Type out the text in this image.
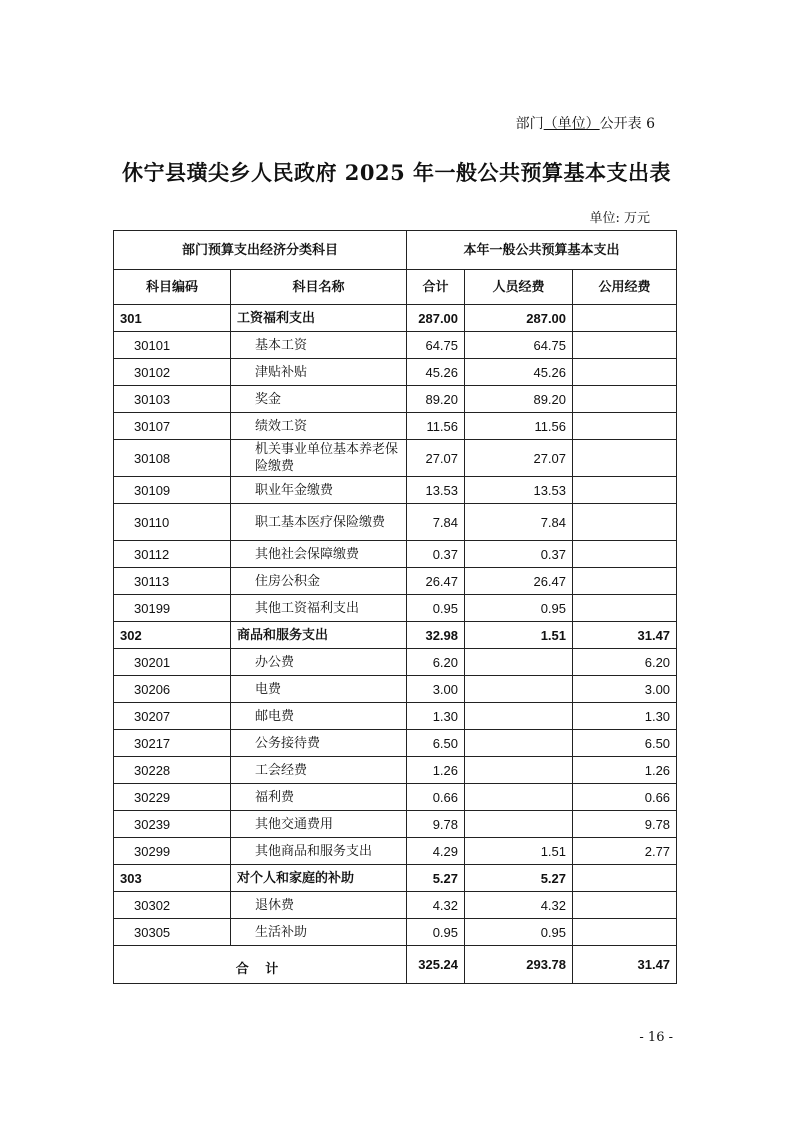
部门（单位）公开表 6
休宁县璜尖乡人民政府 2025 年一般公共预算基本支出表
单位: 万元
部门预算支出经济分类科目		本年一般公共预算基本支出		
科目编码	科目名称	合计	人员经费	公用经费
301	工资福利支出	287.00	287.00	
30101	基本工资	64.75	64.75	
30102	津贴补贴	45.26	45.26	
30103	奖金	89.20	89.20	
30107	绩效工资	11.56	11.56	
30108	机关事业单位基本养老保险缴费	27.07	27.07	
30109	职业年金缴费	13.53	13.53	
30110	职工基本医疗保险缴费	7.84	7.84	
30112	其他社会保障缴费	0.37	0.37	
30113	住房公积金	26.47	26.47	
30199	其他工资福利支出	0.95	0.95	
302	商品和服务支出	32.98	1.51	31.47
30201	办公费	6.20		6.20
30206	电费	3.00		3.00
30207	邮电费	1.30		1.30
30217	公务接待费	6.50		6.50
30228	工会经费	1.26		1.26
30229	福利费	0.66		0.66
30239	其他交通费用	9.78		9.78
30299	其他商品和服务支出	4.29	1.51	2.77
303	对个人和家庭的补助	5.27	5.27	
30302	退休费	4.32	4.32	
30305	生活补助	0.95	0.95	
合 计		325.24	293.78	31.47
- 16 -
